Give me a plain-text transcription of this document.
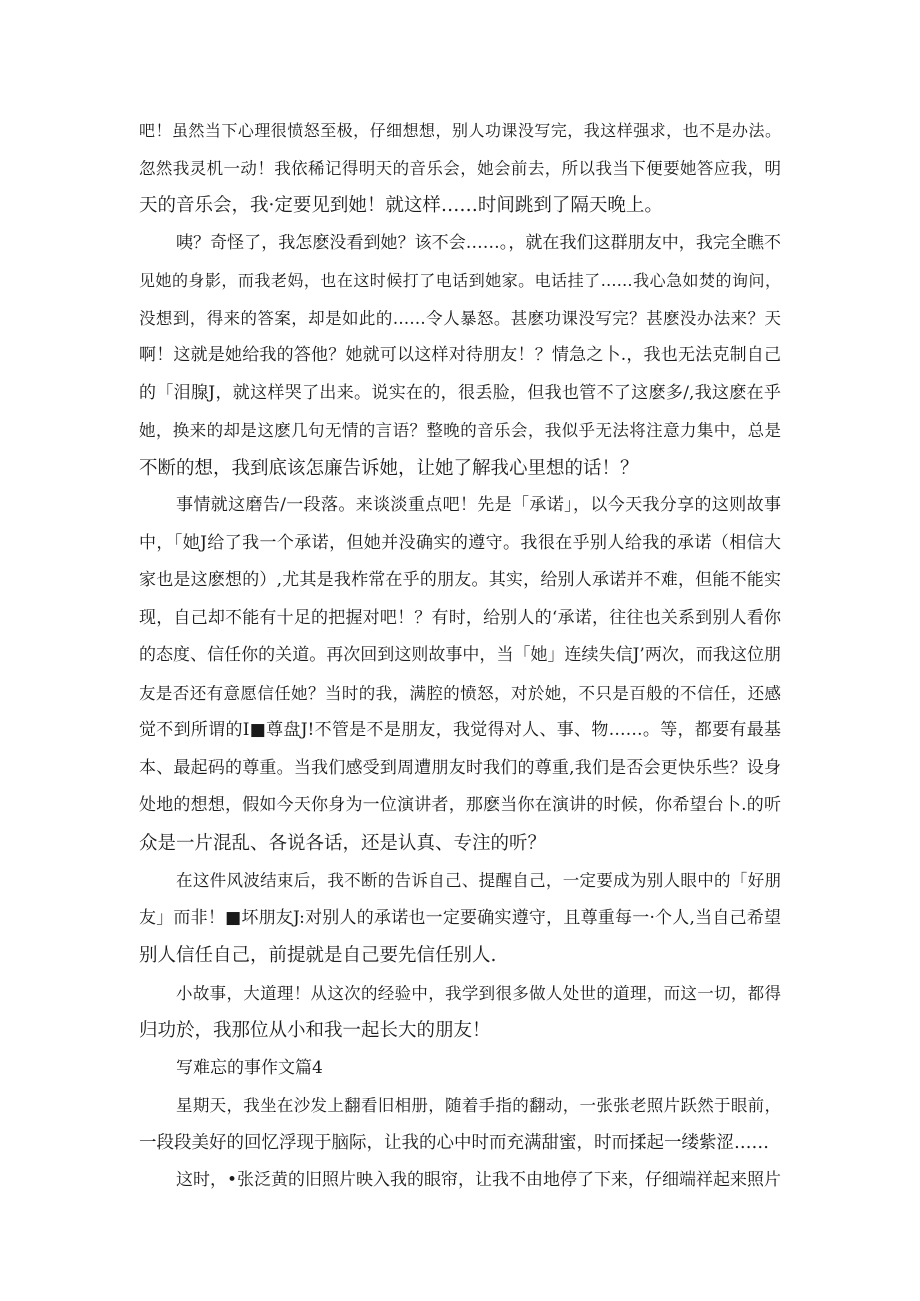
吧！虽然当下心理很愤怒至极，仔细想想，别人功课没写完，我这样强求，也不是办法。
忽然我灵机一动！我依稀记得明天的音乐会，她会前去，所以我当下便要她答应我，明
天的音乐会，我·定要见到她！就这样……时间跳到了隔天晚上。
咦？奇怪了，我怎麽没看到她？该不会……。，就在我们这群朋友中，我完全瞧不
见她的身影，而我老妈，也在这时候打了电话到她家。电话挂了……我心急如焚的询问，
没想到，得来的答案，却是如此的……令人暴怒。甚麽功课没写完？甚麽没办法来？天
啊！这就是她给我的答他？她就可以这样对待朋友！？情急之卜.，我也无法克制自己
的「泪腺J，就这样哭了出来。说实在的，很丢脸，但我也管不了这麽多/,我这麽在乎
她，换来的却是这麽几句无情的言语？整晚的音乐会，我似乎无法将注意力集中，总是
不断的想，我到底该怎廉告诉她，让她了解我心里想的话！？
事情就这磨告/一段落。来谈淡重点吧！先是「承诺」，以今天我分享的这则故事
中，「她J给了我一个承诺，但她并没确实的遵守。我很在乎别人给我的承诺（相信大
家也是这麽想的）,尤其是我柞常在乎的朋友。其实，给别人承诺并不难，但能不能实
现，自己却不能有十足的把握对吧！？有时，给别人的‘承诺，往往也关系到别人看你
的态度、信任你的关道。再次回到这则故事中，当「她」连续失信J’两次，而我这位朋
友是否还有意愿信任她？当时的我，满腔的愤怒，对於她，不只是百般的不信任，还感
觉不到所谓的I■尊盘J!不管是不是朋友，我觉得对人、事、物……。等，都要有最基
本、最起码的尊重。当我们感受到周遭朋友时我们的尊重,我们是否会更快乐些？设身
处地的想想，假如今天你身为一位演讲者，那麽当你在演讲的时候，你希望台卜.的听
众是一片混乱、各说各话，还是认真、专注的听？
在这件风波结束后，我不断的告诉自己、提醒自己，一定要成为别人眼中的「好朋
友」而非！■坏朋友J:对别人的承诺也一定要确实遵守，且尊重每一·个人,当自己希望
别人信任自己，前提就是自己要先信任别人.
小故事，大道理！从这次的经验中，我学到很多做人处世的道理，而这一切，都得
归功於，我那位从小和我一起长大的朋友！
写难忘的事作文篇4
星期天，我坐在沙发上翻看旧相册，随着手指的翻动，一张张老照片跃然于眼前，
一段段美好的回忆浮现于脑际，让我的心中时而充满甜蜜，时而揉起一缕紫涩……
这时，•张泛黄的旧照片映入我的眼帘，让我不由地停了下来，仔细端祥起来照片
